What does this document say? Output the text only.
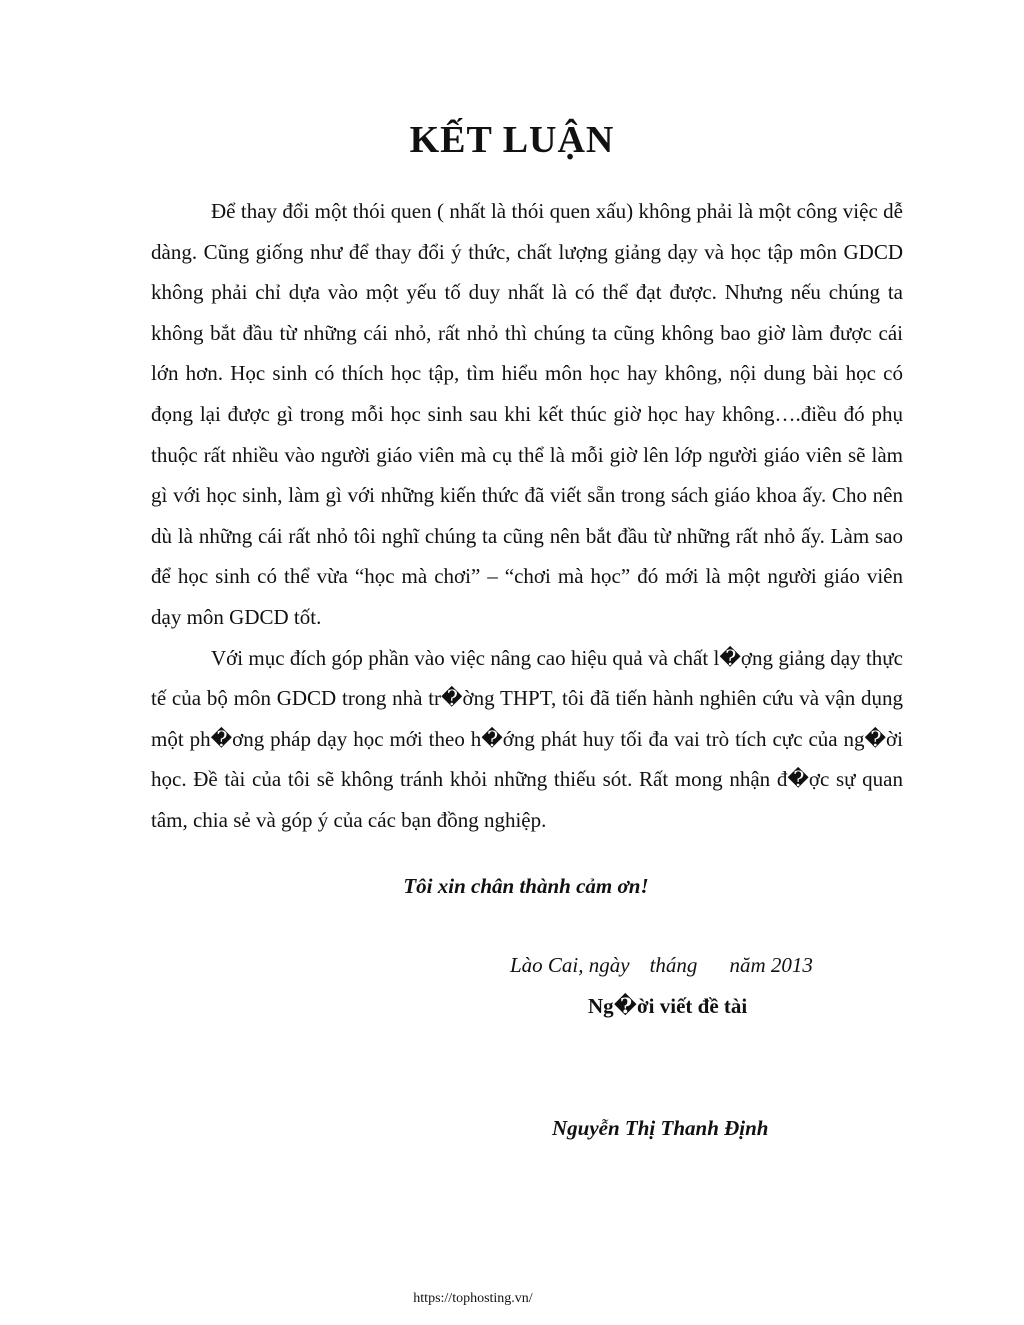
KẾT LUẬN

Để thay đổi một thói quen ( nhất là thói quen xấu) không phải là một công việc dễ dàng. Cũng giống như để thay đổi ý thức, chất lượng giảng dạy và học tập môn GDCD không phải chỉ dựa vào một yếu tố duy nhất là có thể đạt được. Nhưng nếu chúng ta không bắt đầu từ những cái nhỏ, rất nhỏ thì chúng ta cũng không bao giờ làm được cái lớn hơn. Học sinh có thích học tập, tìm hiểu môn học hay không, nội dung bài học có đọng lại được gì trong mỗi học sinh sau khi kết thúc giờ học hay không….điều đó phụ thuộc rất nhiều vào người giáo viên mà cụ thể là mỗi giờ lên lớp người giáo viên sẽ làm gì với học sinh, làm gì với những kiến thức đã viết sẵn trong sách giáo khoa ấy. Cho nên dù là những cái rất nhỏ tôi nghĩ chúng ta cũng nên bắt đầu từ những rất nhỏ ấy. Làm sao để học sinh có thể vừa “học mà chơi” – “chơi mà học” đó mới là một người giáo viên dạy môn GDCD tốt.

Với mục đích góp phần vào việc nâng cao hiệu quả và chất l�ợng giảng dạy thực tế của bộ môn GDCD trong nhà tr�ờng THPT, tôi đã tiến hành nghiên cứu và vận dụng một ph�ơng pháp dạy học mới theo h�ớng phát huy tối đa vai trò tích cực của ng�ời học. Đề tài của tôi sẽ không tránh khỏi những thiếu sót. Rất mong nhận đ�ợc sự quan tâm, chia sẻ và góp ý của các bạn đồng nghiệp.

Tôi xin chân thành cảm ơn!
Lào Cai, ngày tháng năm 2013
Ng�ời viết đề tài
Nguyễn Thị Thanh Định
https://tophosting.vn/
